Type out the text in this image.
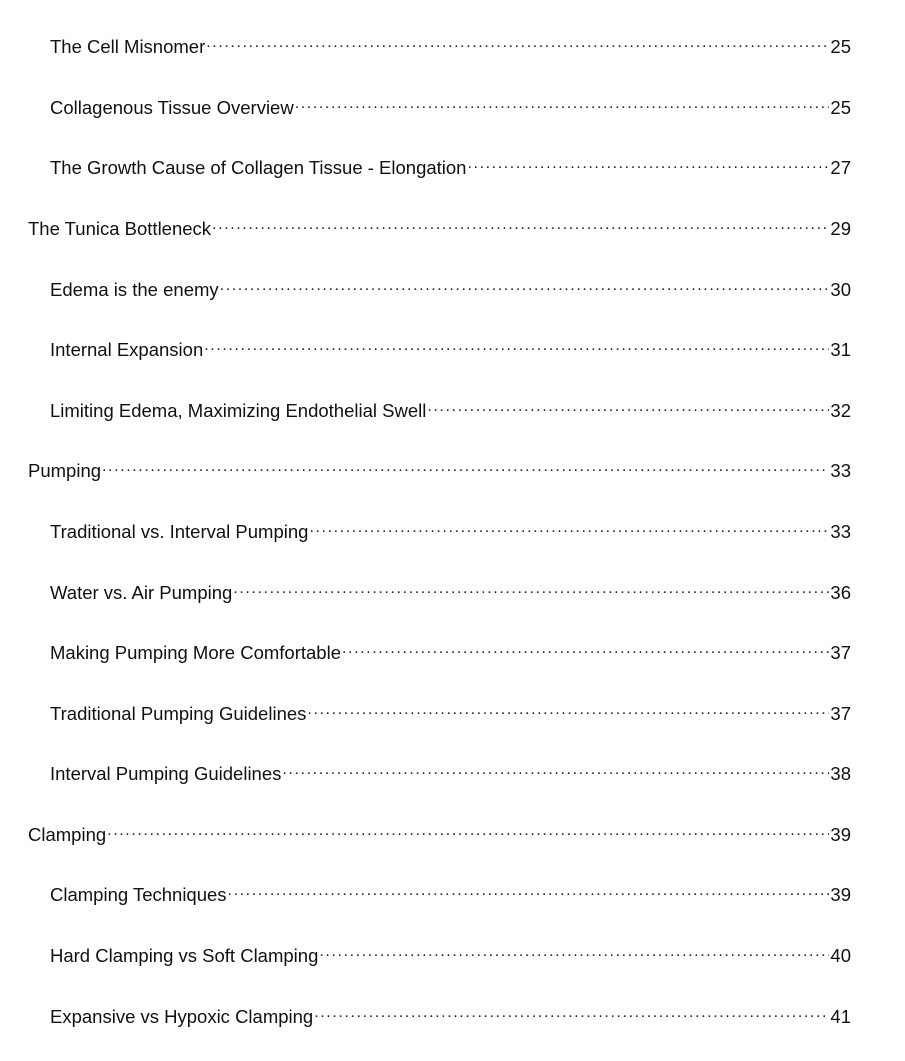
The Cell Misnomer .....	25
Collagenous Tissue Overview .....	25
The Growth Cause of Collagen Tissue - Elongation .....	27
The Tunica Bottleneck .....	29
Edema is the enemy .....	30
Internal Expansion .....	31
Limiting Edema, Maximizing Endothelial Swell .....	32
Pumping .....	33
Traditional vs. Interval Pumping .....	33
Water vs. Air Pumping .....	36
Making Pumping More Comfortable .....	37
Traditional Pumping Guidelines .....	37
Interval Pumping Guidelines .....	38
Clamping .....	39
Clamping Techniques .....	39
Hard Clamping vs Soft Clamping .....	40
Expansive vs Hypoxic Clamping .....	41
